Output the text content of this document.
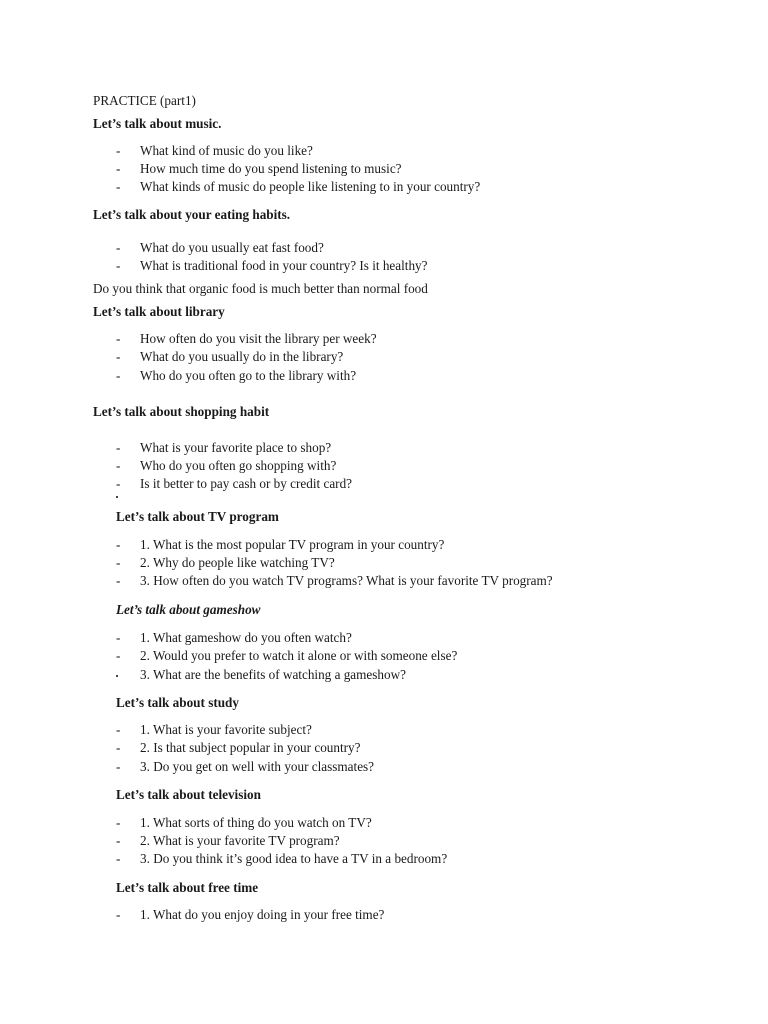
PRACTICE (part1)
Let’s talk about music.
- What kind of music do you like?
- How much time do you spend listening to music?
- What kinds of music do people like listening to in your country?
Let’s talk about your eating habits.
- What do you usually eat fast food?
- What is traditional food in your country? Is it healthy?
Do you think that organic food is much better than normal food
Let’s talk about library
- How often do you visit the library per week?
- What do you usually do in the library?
- Who do you often go to the library with?
Let’s talk about shopping habit
- What is your favorite place to shop?
- Who do you often go shopping with?
- Is it better to pay cash or by credit card?
Let’s talk about TV program
- 1. What is the most popular TV program in your country?
- 2. Why do people like watching TV?
- 3. How often do you watch TV programs? What is your favorite TV program?
Let’s talk about gameshow
- 1. What gameshow do you often watch?
- 2. Would you prefer to watch it alone or with someone else?
3. What are the benefits of watching a gameshow?
Let’s talk about study
- 1. What is your favorite subject?
- 2. Is that subject popular in your country?
- 3. Do you get on well with your classmates?
Let’s talk about television
- 1. What sorts of thing do you watch on TV?
- 2. What is your favorite TV program?
- 3. Do you think it’s good idea to have a TV in a bedroom?
Let’s talk about free time
- 1. What do you enjoy doing in your free time?
